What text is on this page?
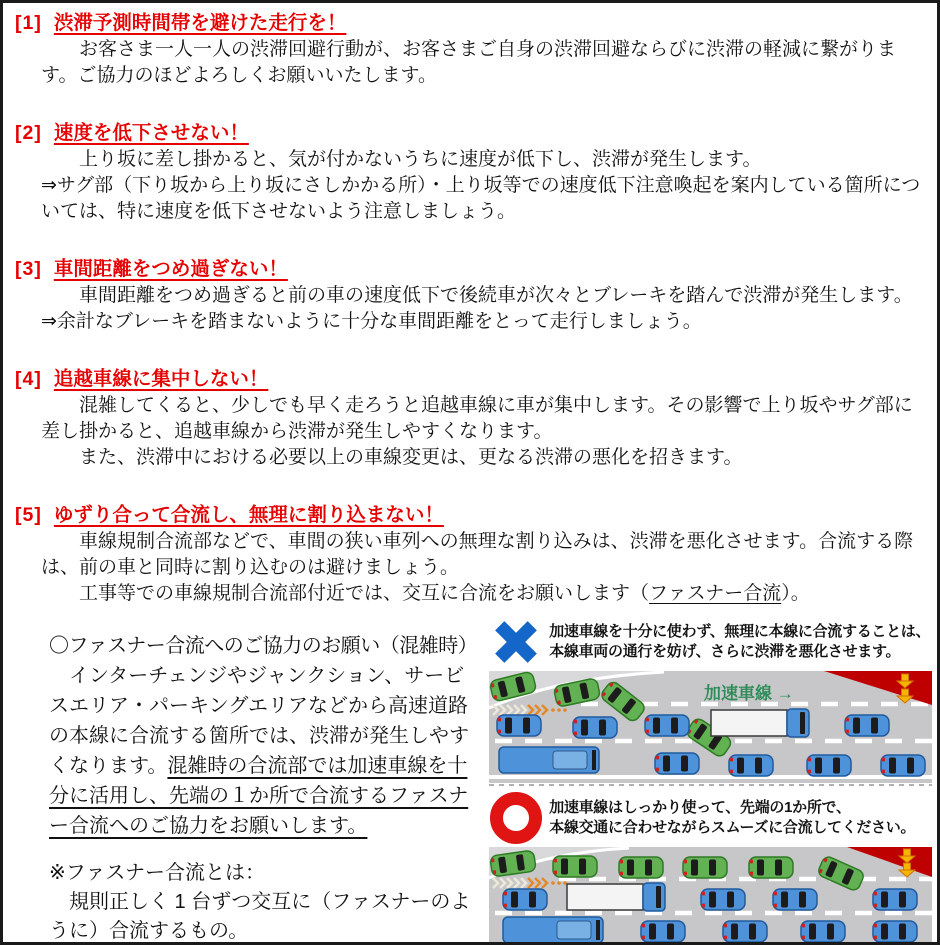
[1] 渋滞予測時間帯を避けた走行を！

お客さま一人一人の渋滞回避行動が、お客さまご自身の渋滞回避ならびに渋滞の軽減に繋がります。ご協力のほどよろしくお願いいたします。

[2] 速度を低下させない！

上り坂に差し掛かると、気が付かないうちに速度が低下し、渋滞が発生します。

⇒サグ部（下り坂から上り坂にさしかかる所）・上り坂等での速度低下注意喚起を案内している箇所については、特に速度を低下させないよう注意しましょう。

[3] 車間距離をつめ過ぎない！

車間距離をつめ過ぎると前の車の速度低下で後続車が次々とブレーキを踏んで渋滞が発生します。

⇒余計なブレーキを踏まないように十分な車間距離をとって走行しましょう。

[4] 追越車線に集中しない！

混雑してくると、少しでも早く走ろうと追越車線に車が集中します。その影響で上り坂やサグ部に差し掛かると、追越車線から渋滞が発生しやすくなります。

また、渋滞中における必要以上の車線変更は、更なる渋滞の悪化を招きます。

[5] ゆずり合って合流し、無理に割り込まない！

車線規制合流部などで、車間の狭い車列への無理な割り込みは、渋滞を悪化させます。合流する際は、前の車と同時に割り込むのは避けましょう。

工事等での車線規制合流部付近では、交互に合流をお願いします（ファスナー合流）。

〇ファスナー合流へのご協力のお願い（混雑時）

インターチェンジやジャンクション、サービスエリア・パーキングエリアなどから高速道路の本線に合流する箇所では、渋滞が発生しやすくなります。混雑時の合流部では加速車線を十分に活用し、先端の１か所で合流するファスナー合流へのご協力をお願いします。

※ファスナー合流とは：

規則正しく 1 台ずつ交互に（ファスナーのように）合流するもの。

加速車線を十分に使わず、無理に本線に合流することは、
本線車両の通行を妨げ、さらに渋滞を悪化させます。
加速車線 →
加速車線はしっかり使って、先端の1か所で、
本線交通に合わせながらスムーズに合流してください。
